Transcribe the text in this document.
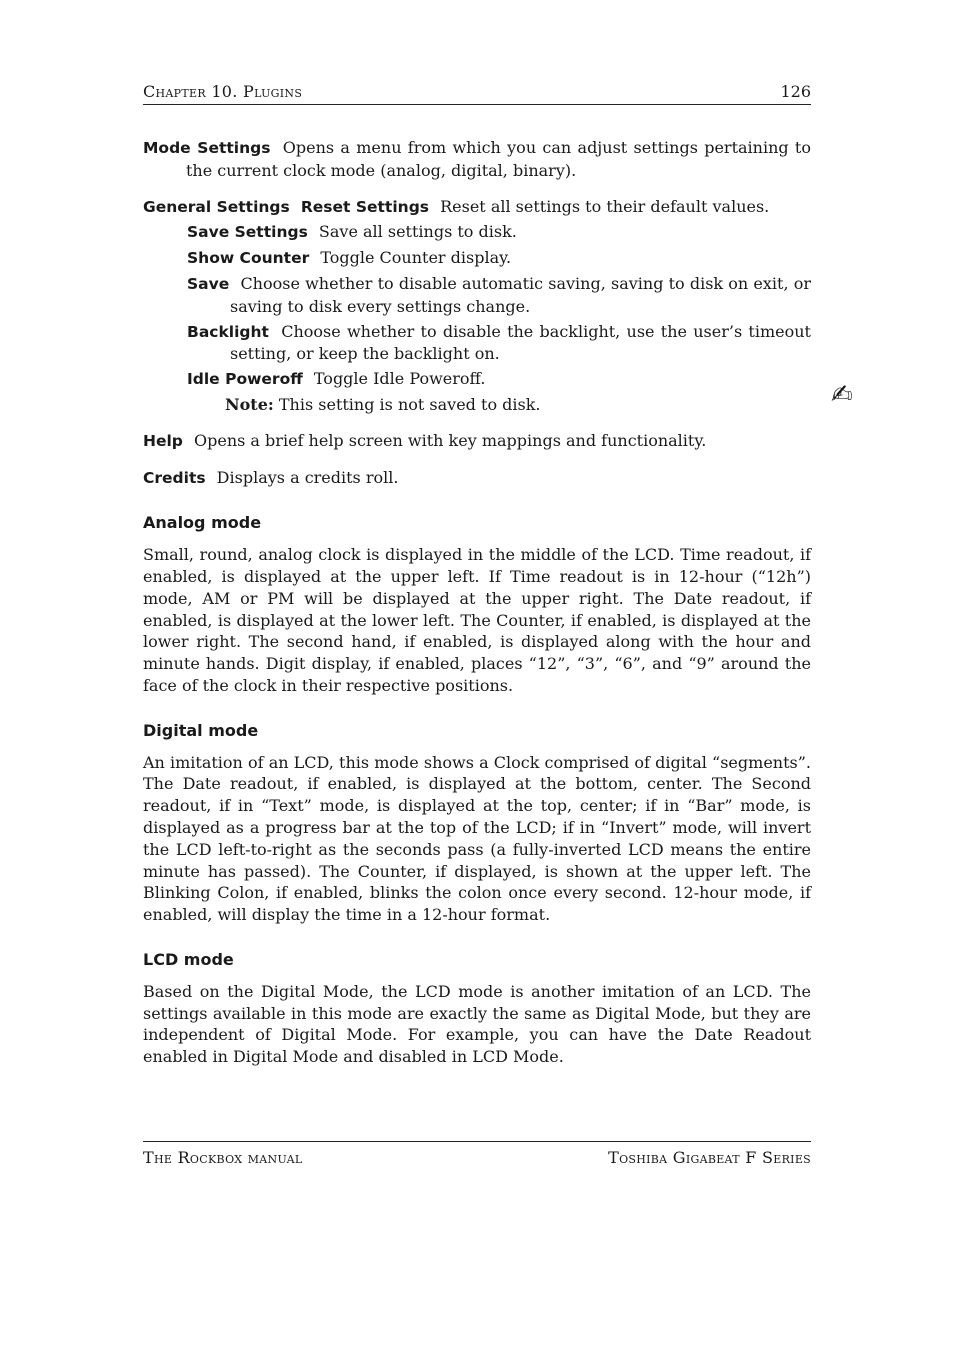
Chapter 10. Plugins	126

Mode Settings Opens a menu from which you can adjust settings pertaining to the current clock mode (analog, digital, binary).

General Settings Reset Settings Reset all settings to their default values.

Save Settings Save all settings to disk.

Show Counter Toggle Counter display.

Save Choose whether to disable automatic saving, saving to disk on exit, or saving to disk every settings change.

Backlight Choose whether to disable the backlight, use the user’s timeout setting, or keep the backlight on.

Idle Poweroff Toggle Idle Poweroff.

Note: This setting is not saved to disk.	✍

Help Opens a brief help screen with key mappings and functionality.

Credits Displays a credits roll.

Analog mode

Small, round, analog clock is displayed in the middle of the LCD. Time readout, if enabled, is displayed at the upper left. If Time readout is in 12-hour (“12h”) mode, AM or PM will be displayed at the upper right. The Date readout, if enabled, is displayed at the lower left. The Counter, if enabled, is displayed at the lower right. The second hand, if enabled, is displayed along with the hour and minute hands. Digit display, if enabled, places “12”, “3”, “6”, and “9” around the face of the clock in their respective positions.

Digital mode

An imitation of an LCD, this mode shows a Clock comprised of digital “segments”. The Date readout, if enabled, is displayed at the bottom, center. The Second readout, if in “Text” mode, is displayed at the top, center; if in “Bar” mode, is displayed as a progress bar at the top of the LCD; if in “Invert” mode, will invert the LCD left-to-right as the seconds pass (a fully-inverted LCD means the entire minute has passed). The Counter, if displayed, is shown at the upper left. The Blinking Colon, if enabled, blinks the colon once every second. 12-hour mode, if enabled, will display the time in a 12-hour format.

LCD mode

Based on the Digital Mode, the LCD mode is another imitation of an LCD. The settings available in this mode are exactly the same as Digital Mode, but they are independent of Digital Mode. For example, you can have the Date Readout enabled in Digital Mode and disabled in LCD Mode.

The Rockbox manual	Toshiba Gigabeat F Series
